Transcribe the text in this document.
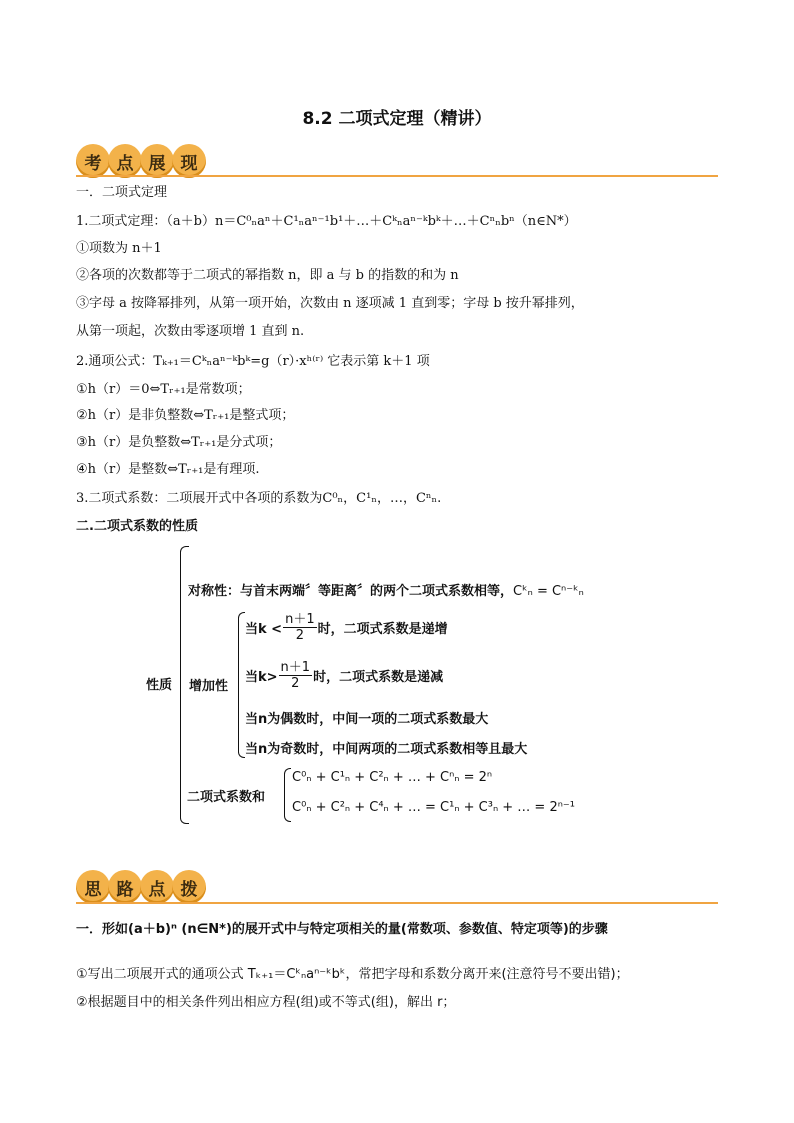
8.2 二项式定理（精讲）
考 点 展 现
一．二项式定理
1.二项式定理：（a＋b）n＝C⁰ₙaⁿ＋C¹ₙaⁿ⁻¹b¹＋…＋Cᵏₙaⁿ⁻ᵏbᵏ＋…＋Cⁿₙbⁿ（n∈N*）
①项数为 n＋1
②各项的次数都等于二项式的幂指数 n，即 a 与 b 的指数的和为 n
③字母 a 按降幂排列，从第一项开始，次数由 n 逐项减 1 直到零；字母 b 按升幂排列，
从第一项起，次数由零逐项增 1 直到 n.
2.通项公式：Tₖ₊₁＝Cᵏₙaⁿ⁻ᵏbᵏ=g（r）·xʰ⁽ʳ⁾ 它表示第 k＋1 项
①h（r）＝0⇔Tᵣ₊₁是常数项；
②h（r）是非负整数⇔Tᵣ₊₁是整式项；
③h（r）是负整数⇔Tᵣ₊₁是分式项；
④h（r）是整数⇔Tᵣ₊₁是有理项.
3.二项式系数：二项展开式中各项的系数为C⁰ₙ，C¹ₙ，…，Cⁿₙ.
二.二项式系数的性质
性质
对称性：与首末两端〞等距离〞的两个二项式系数相等，Cᵏₙ = Cⁿ⁻ᵏₙ
增加性
当$k < \frac{n+1}{2}$ 时，二项式系数是递增
当$k> \frac{n+1}{2}$ 时，二项式系数是递减
当n为偶数时，中间一项的二项式系数最大
当n为奇数时，中间两项的二项式系数相等且最大
二项式系数和
C⁰ₙ + C¹ₙ + C²ₙ + … + Cⁿₙ = 2ⁿ
C⁰ₙ + C²ₙ + C⁴ₙ + … = C¹ₙ + C³ₙ + … = 2ⁿ⁻¹
思 路 点 拨
一．形如(a＋b)ⁿ (n∈N*)的展开式中与特定项相关的量(常数项、参数值、特定项等)的步骤
①写出二项展开式的通项公式 Tₖ₊₁＝Cᵏₙaⁿ⁻ᵏbᵏ，常把字母和系数分离开来(注意符号不要出错)；
②根据题目中的相关条件列出相应方程(组)或不等式(组)，解出 r；
